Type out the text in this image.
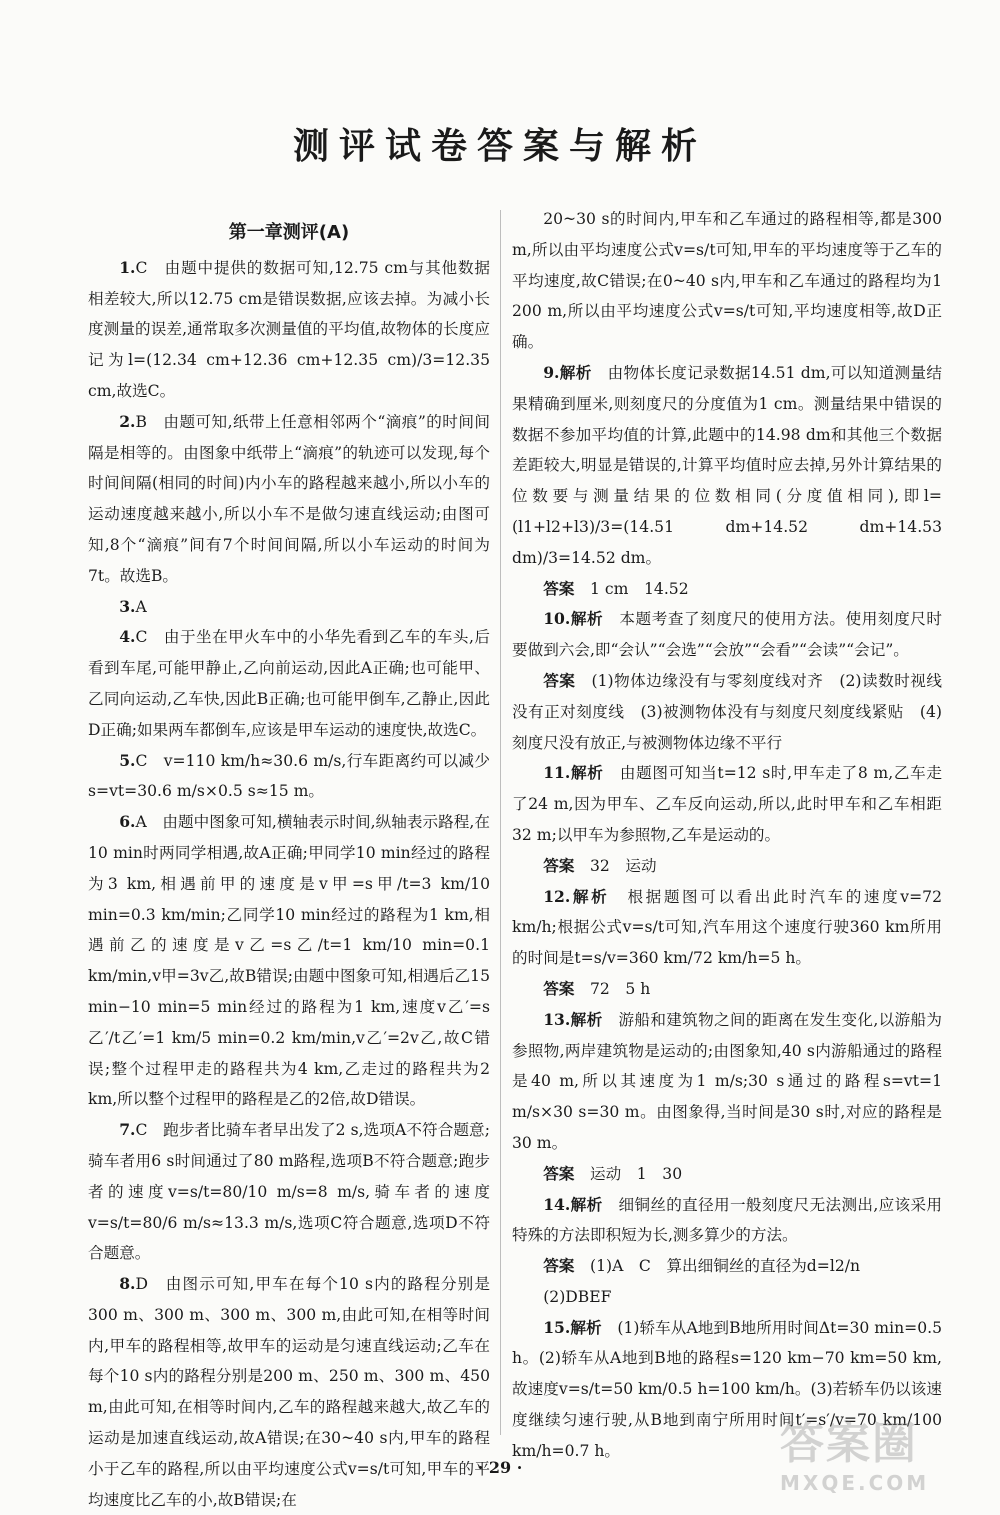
测评试卷答案与解析
第一章测评(A)

1.C　由题中提供的数据可知,12.75 cm与其他数据相差较大,所以12.75 cm是错误数据,应该去掉。为减小长度测量的误差,通常取多次测量值的平均值,故物体的长度应记为l=(12.34 cm+12.36 cm+12.35 cm)/3=12.35 cm,故选C。

2.B　由题可知,纸带上任意相邻两个“滴痕”的时间间隔是相等的。由图象中纸带上“滴痕”的轨迹可以发现,每个时间间隔(相同的时间)内小车的路程越来越小,所以小车的运动速度越来越小,所以小车不是做匀速直线运动;由图可知,8个“滴痕”间有7个时间间隔,所以小车运动的时间为7t。故选B。

3.A

4.C　由于坐在甲火车中的小华先看到乙车的车头,后看到车尾,可能甲静止,乙向前运动,因此A正确;也可能甲、乙同向运动,乙车快,因此B正确;也可能甲倒车,乙静止,因此D正确;如果两车都倒车,应该是甲车运动的速度快,故选C。

5.C　v=110 km/h≈30.6 m/s,行车距离约可以减少s=vt=30.6 m/s×0.5 s≈15 m。

6.A　由题中图象可知,横轴表示时间,纵轴表示路程,在10 min时两同学相遇,故A正确;甲同学10 min经过的路程为3 km,相遇前甲的速度是v甲=s甲/t=3 km/10 min=0.3 km/min;乙同学10 min经过的路程为1 km,相遇前乙的速度是v乙=s乙/t=1 km/10 min=0.1 km/min,v甲=3v乙,故B错误;由题中图象可知,相遇后乙15 min−10 min=5 min经过的路程为1 km,速度v乙′=s乙′/t乙′=1 km/5 min=0.2 km/min,v乙′=2v乙,故C错误;整个过程甲走的路程共为4 km,乙走过的路程共为2 km,所以整个过程甲的路程是乙的2倍,故D错误。

7.C　跑步者比骑车者早出发了2 s,选项A不符合题意;骑车者用6 s时间通过了80 m路程,选项B不符合题意;跑步者的速度v=s/t=80/10 m/s=8 m/s,骑车者的速度v=s/t=80/6 m/s≈13.3 m/s,选项C符合题意,选项D不符合题意。

8.D　由图示可知,甲车在每个10 s内的路程分别是300 m、300 m、300 m、300 m,由此可知,在相等时间内,甲车的路程相等,故甲车的运动是匀速直线运动;乙车在每个10 s内的路程分别是200 m、250 m、300 m、450 m,由此可知,在相等时间内,乙车的路程越来越大,故乙车的运动是加速直线运动,故A错误;在30~40 s内,甲车的路程小于乙车的路程,所以由平均速度公式v=s/t可知,甲车的平均速度比乙车的小,故B错误;在

20~30 s的时间内,甲车和乙车通过的路程相等,都是300 m,所以由平均速度公式v=s/t可知,甲车的平均速度等于乙车的平均速度,故C错误;在0~40 s内,甲车和乙车通过的路程均为1 200 m,所以由平均速度公式v=s/t可知,平均速度相等,故D正确。

9.解析　由物体长度记录数据14.51 dm,可以知道测量结果精确到厘米,则刻度尺的分度值为1 cm。测量结果中错误的数据不参加平均值的计算,此题中的14.98 dm和其他三个数据差距较大,明显是错误的,计算平均值时应去掉,另外计算结果的位数要与测量结果的位数相同(分度值相同),即l=(l1+l2+l3)/3=(14.51 dm+14.52 dm+14.53 dm)/3=14.52 dm。

答案　1 cm　14.52

10.解析　本题考查了刻度尺的使用方法。使用刻度尺时要做到六会,即“会认”“会选”“会放”“会看”“会读”“会记”。

答案　(1)物体边缘没有与零刻度线对齐　(2)读数时视线没有正对刻度线　(3)被测物体没有与刻度尺刻度线紧贴　(4)刻度尺没有放正,与被测物体边缘不平行

11.解析　由题图可知当t=12 s时,甲车走了8 m,乙车走了24 m,因为甲车、乙车反向运动,所以,此时甲车和乙车相距32 m;以甲车为参照物,乙车是运动的。

答案　32　运动

12.解析　根据题图可以看出此时汽车的速度v=72 km/h;根据公式v=s/t可知,汽车用这个速度行驶360 km所用的时间是t=s/v=360 km/72 km/h=5 h。

答案　72　5 h

13.解析　游船和建筑物之间的距离在发生变化,以游船为参照物,两岸建筑物是运动的;由图象知,40 s内游船通过的路程是40 m,所以其速度为1 m/s;30 s通过的路程s=vt=1 m/s×30 s=30 m。由图象得,当时间是30 s时,对应的路程是30 m。

答案　运动　1　30

14.解析　细铜丝的直径用一般刻度尺无法测出,应该采用特殊的方法即积短为长,测多算少的方法。

答案　(1)A　C　算出细铜丝的直径为d=l2/n

(2)DBEF

15.解析　(1)轿车从A地到B地所用时间Δt=30 min=0.5 h。(2)轿车从A地到B地的路程s=120 km−70 km=50 km,故速度v=s/t=50 km/0.5 h=100 km/h。(3)若轿车仍以该速度继续匀速行驶,从B地到南宁所用时间t′=s′/v=70 km/100 km/h=0.7 h。

· 29 ·	答案圈
MXQE.COM
